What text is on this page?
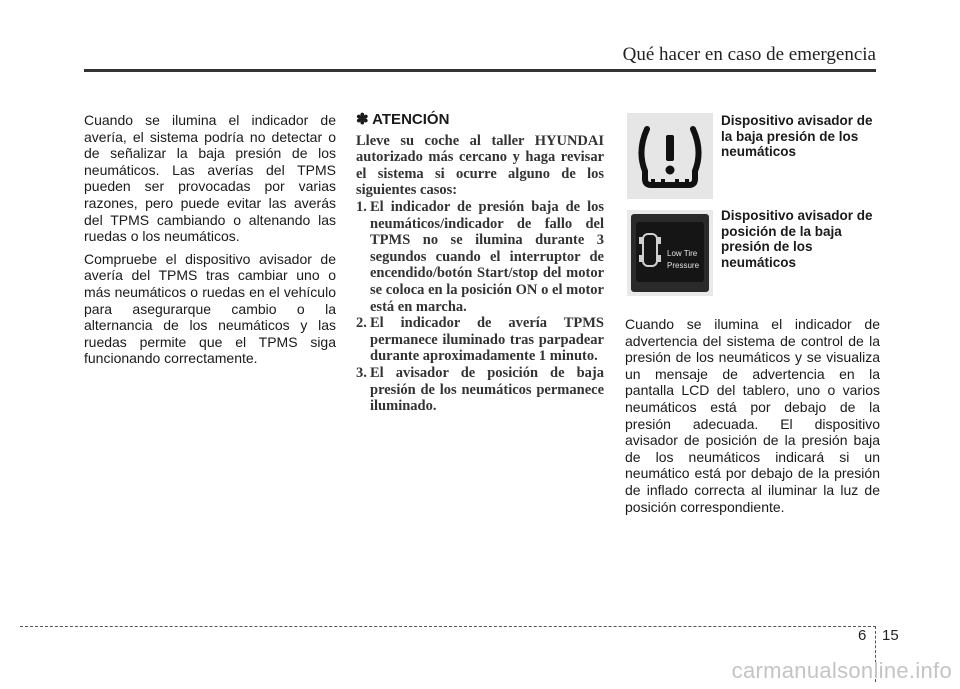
Qué hacer en caso de emergencia

Cuando se ilumina el indicador de avería, el sistema podría no detectar o de señalizar la baja presión de los neumáticos. Las averías del TPMS pueden ser provocadas por varias razones, pero puede evitar las averás del TPMS cambiando o altenando las ruedas o los neumáticos.

Compruebe el dispositivo avisador de avería del TPMS tras cambiar uno o más neumáticos o ruedas en el vehículo para asegurarque cambio o la alternancia de los neumáticos y las ruedas permite que el TPMS siga funcionando correctamente.

✽ ATENCIÓN

Lleve su coche al taller HYUNDAI autorizado más cercano y haga revisar el sistema si ocurre alguno de los siguientes casos:

1. El indicador de presión baja de los neumáticos/indicador de fallo del TPMS no se ilumina durante 3 segundos cuando el interruptor de encendido/botón Start/stop del motor se coloca en la posición ON o el motor está en marcha.
2. El indicador de avería TPMS permanece iluminado tras parpadear durante aproximadamente 1 minuto.
3. El avisador de posición de baja presión de los neumáticos permanece iluminado.
Low Tire
Pressure
Dispositivo avisador de la baja presión de los neumáticos
Dispositivo avisador de posición de la baja presión de los neumáticos

Cuando se ilumina el indicador de advertencia del sistema de control de la presión de los neumáticos y se visualiza un mensaje de advertencia en la pantalla LCD del tablero, uno o varios neumáticos está por debajo de la presión adecuada. El dispositivo avisador de posición de la presión baja de los neumáticos indicará si un neumático está por debajo de la presión de inflado correcta al iluminar la luz de posición correspondiente.

6 15
carmanualsonline.info
